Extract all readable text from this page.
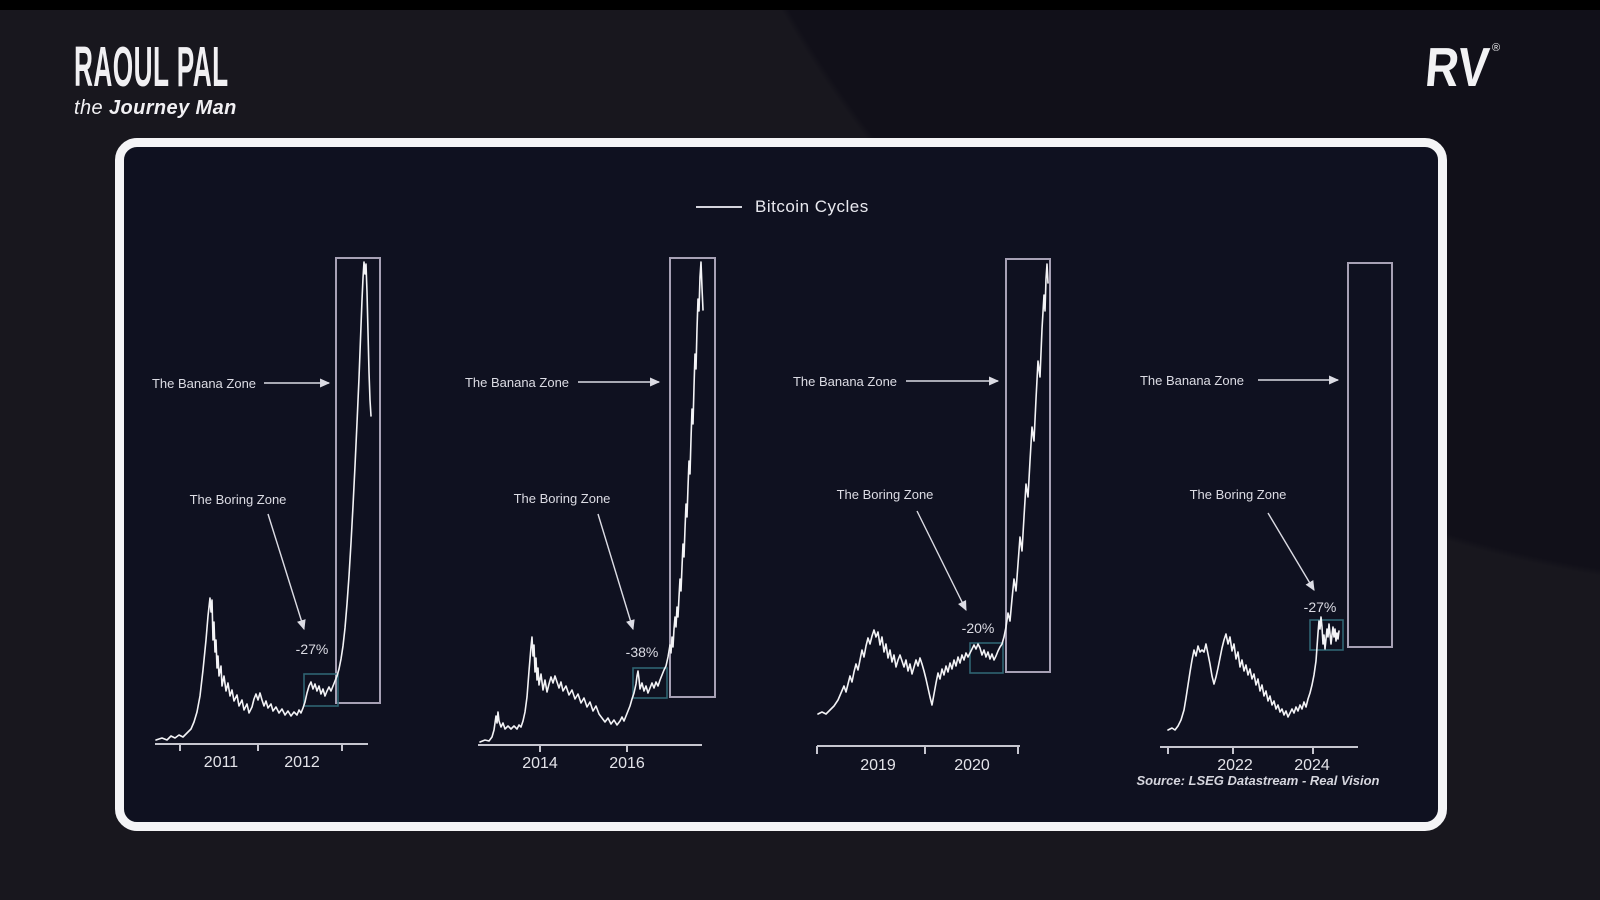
RAOUL PAL
the Journey Man
RV ®
Bitcoin Cycles
Source: LSEG Datastream - Real Vision
2011	2012
The Banana Zone
The Boring Zone
-27%
2014	2016
The Banana Zone
The Boring Zone
-38%
2019	2020
The Banana Zone
The Boring Zone
-20%
2022	2024
The Banana Zone
The Boring Zone
-27%
